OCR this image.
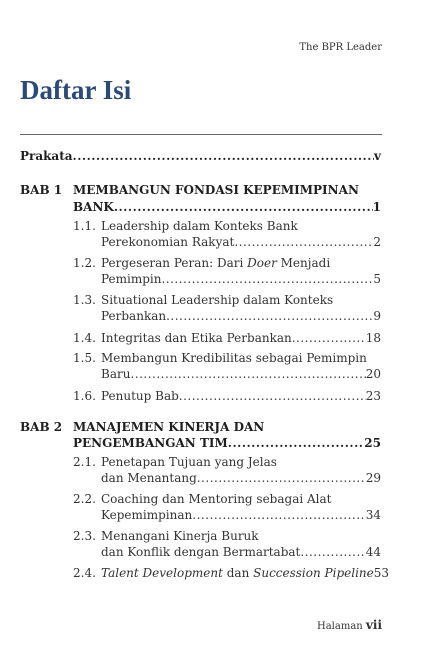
The BPR Leader
Daftar Isi
Prakata .....	v
BAB 1 MEMBANGUN FONDASI KEPEMIMPINAN
BANK .....	1
1.1. Leadership dalam Konteks Bank
Perekonomian Rakyat .....	2
1.2. Pergeseran Peran: Dari Doer Menjadi
Pemimpin .....	5
1.3. Situational Leadership dalam Konteks
Perbankan .....	9
1.4. Integritas dan Etika Perbankan .....	18
1.5. Membangun Kredibilitas sebagai Pemimpin
Baru .....	20
1.6. Penutup Bab .....	23
BAB 2 MANAJEMEN KINERJA DAN
PENGEMBANGAN TIM .....	25
2.1. Penetapan Tujuan yang Jelas
dan Menantang .....	29
2.2. Coaching dan Mentoring sebagai Alat
Kepemimpinan .....	34
2.3. Menangani Kinerja Buruk
dan Konflik dengan Bermartabat .....	44
2.4. Talent Development dan Succession Pipeline 53
Halaman vii
